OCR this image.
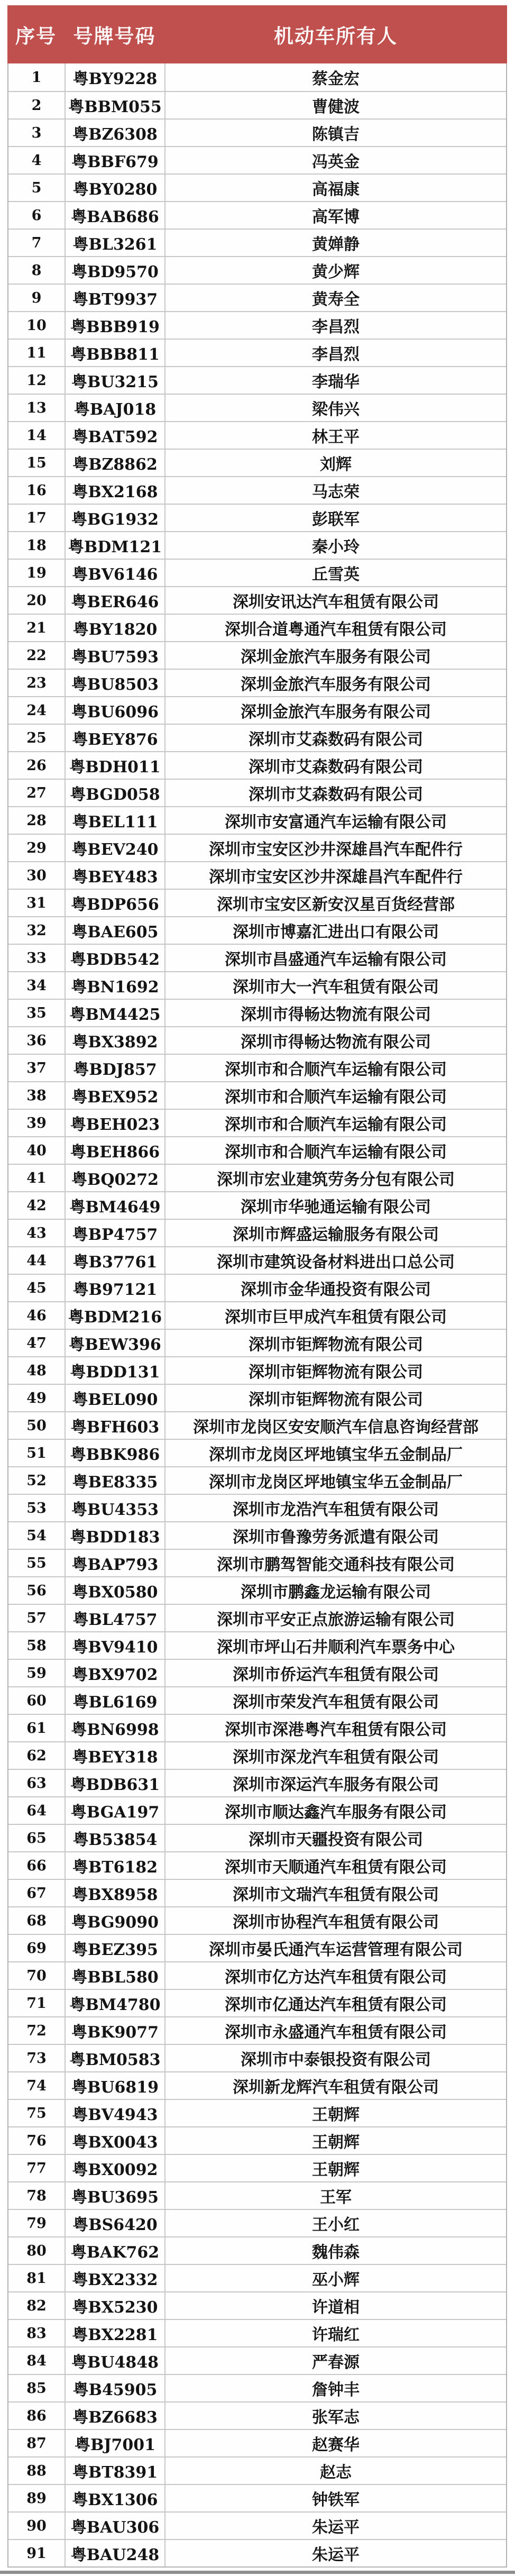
序号 号牌号码	机动车所有人
1	粤BY9228	蔡金宏
2	粤BBM055	曹健波
3	粤BZ6308	陈镇吉
4	粤BBF679	冯英金
5	粤BY0280	高福康
6	粤BAB686	高军博
7	粤BL3261	黄婵静
8	粤BD9570	黄少辉
9	粤BT9937	黄寿全
10	粤BBB919	李昌烈
11	粤BBB811	李昌烈
12	粤BU3215	李瑞华
13	粤BAJ018	梁伟兴
14	粤BAT592	林王平
15	粤BZ8862	刘辉
16	粤BX2168	马志荣
17	粤BG1932	彭联军
18	粤BDM121	秦小玲
19	粤BV6146	丘雪英
20	粤BER646	深圳安讯达汽车租赁有限公司
21	粤BY1820	深圳合道粤通汽车租赁有限公司
22	粤BU7593	深圳金旅汽车服务有限公司
23	粤BU8503	深圳金旅汽车服务有限公司
24	粤BU6096	深圳金旅汽车服务有限公司
25	粤BEY876	深圳市艾森数码有限公司
26	粤BDH011	深圳市艾森数码有限公司
27	粤BGD058	深圳市艾森数码有限公司
28	粤BEL111	深圳市安富通汽车运输有限公司
29	粤BEV240	深圳市宝安区沙井深雄昌汽车配件行
30	粤BEY483	深圳市宝安区沙井深雄昌汽车配件行
31	粤BDP656	深圳市宝安区新安汉星百货经营部
32	粤BAE605	深圳市博嘉汇进出口有限公司
33	粤BDB542	深圳市昌盛通汽车运输有限公司
34	粤BN1692	深圳市大一汽车租赁有限公司
35	粤BM4425	深圳市得畅达物流有限公司
36	粤BX3892	深圳市得畅达物流有限公司
37	粤BDJ857	深圳市和合顺汽车运输有限公司
38	粤BEX952	深圳市和合顺汽车运输有限公司
39	粤BEH023	深圳市和合顺汽车运输有限公司
40	粤BEH866	深圳市和合顺汽车运输有限公司
41	粤BQ0272	深圳市宏业建筑劳务分包有限公司
42	粤BM4649	深圳市华驰通运输有限公司
43	粤BP4757	深圳市辉盛运输服务有限公司
44	粤B37761	深圳市建筑设备材料进出口总公司
45	粤B97121	深圳市金华通投资有限公司
46	粤BDM216	深圳市巨甲成汽车租赁有限公司
47	粤BEW396	深圳市钜辉物流有限公司
48	粤BDD131	深圳市钜辉物流有限公司
49	粤BEL090	深圳市钜辉物流有限公司
50	粤BFH603	深圳市龙岗区安安顺汽车信息咨询经营部
51	粤BBK986	深圳市龙岗区坪地镇宝华五金制品厂
52	粤BE8335	深圳市龙岗区坪地镇宝华五金制品厂
53	粤BU4353	深圳市龙浩汽车租赁有限公司
54	粤BDD183	深圳市鲁豫劳务派遣有限公司
55	粤BAP793	深圳市鹏驾智能交通科技有限公司
56	粤BX0580	深圳市鹏鑫龙运输有限公司
57	粤BL4757	深圳市平安正点旅游运输有限公司
58	粤BV9410	深圳市坪山石井顺利汽车票务中心
59	粤BX9702	深圳市侨运汽车租赁有限公司
60	粤BL6169	深圳市荣发汽车租赁有限公司
61	粤BN6998	深圳市深港粤汽车租赁有限公司
62	粤BEY318	深圳市深龙汽车租赁有限公司
63	粤BDB631	深圳市深运汽车服务有限公司
64	粤BGA197	深圳市顺达鑫汽车服务有限公司
65	粤B53854	深圳市天疆投资有限公司
66	粤BT6182	深圳市天顺通汽车租赁有限公司
67	粤BX8958	深圳市文瑞汽车租赁有限公司
68	粤BG9090	深圳市协程汽车租赁有限公司
69	粤BEZ395	深圳市晏氏通汽车运营管理有限公司
70	粤BBL580	深圳市亿方达汽车租赁有限公司
71	粤BM4780	深圳市亿通达汽车租赁有限公司
72	粤BK9077	深圳市永盛通汽车租赁有限公司
73	粤BM0583	深圳市中泰银投资有限公司
74	粤BU6819	深圳新龙辉汽车租赁有限公司
75	粤BV4943	王朝辉
76	粤BX0043	王朝辉
77	粤BX0092	王朝辉
78	粤BU3695	王军
79	粤BS6420	王小红
80	粤BAK762	魏伟森
81	粤BX2332	巫小辉
82	粤BX5230	许道相
83	粤BX2281	许瑞红
84	粤BU4848	严春源
85	粤B45905	詹钟丰
86	粤BZ6683	张军志
87	粤BJ7001	赵赛华
88	粤BT8391	赵志
89	粤BX1306	钟铁军
90	粤BAU306	朱运平
91	粤BAU248	朱运平
